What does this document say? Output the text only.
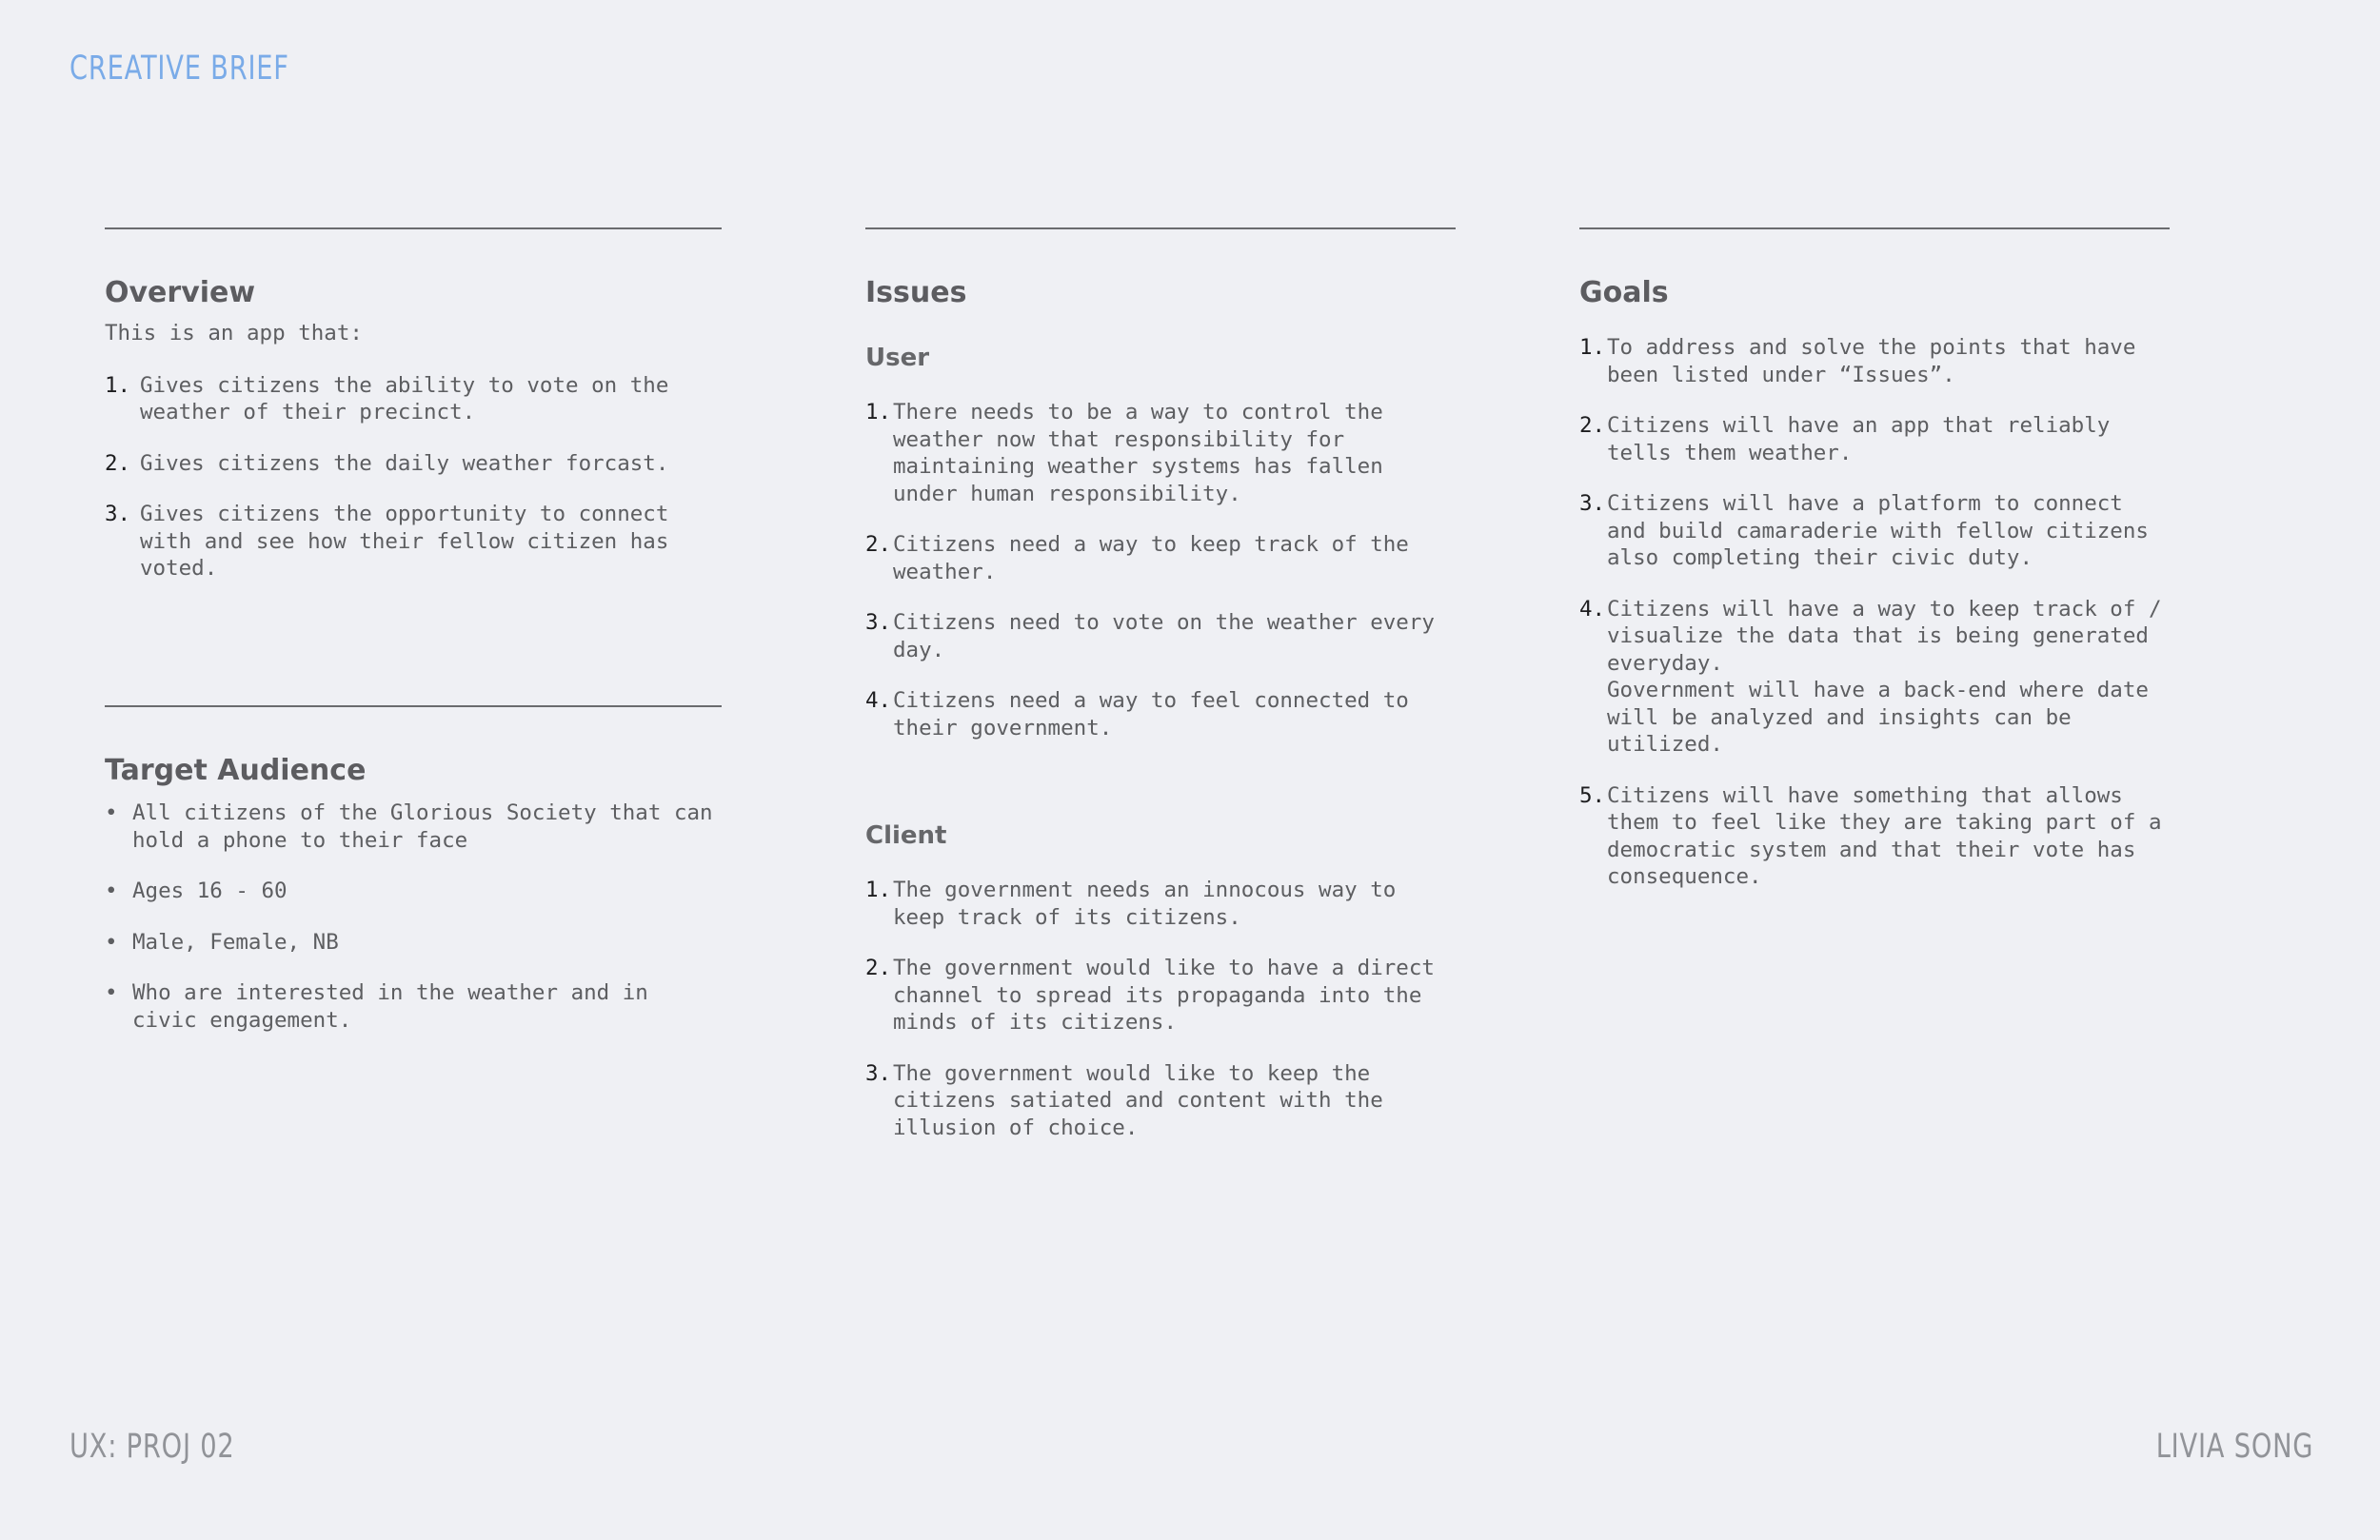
CREATIVE BRIEF
UX: PROJ 02	LIVIA SONG
Overview
This is an app that:
1. Gives citizens the ability to vote on the weather of their precinct.
2. Gives citizens the daily weather forcast.
3. Gives citizens the opportunity to connect with and see how their fellow citizen has voted.
Target Audience
• All citizens of the Glorious Society that can hold a phone to their face
• Ages 16 - 60
• Male, Female, NB
• Who are interested in the weather and in civic engagement.
Issues
User
1. There needs to be a way to control the weather now that responsibility for maintaining weather systems has fallen under human responsibility.
2. Citizens need a way to keep track of the weather.
3. Citizens need to vote on the weather every day.
4. Citizens need a way to feel connected to their government.
Client
1. The government needs an innocous way to keep track of its citizens.
2. The government would like to have a direct channel to spread its propaganda into the minds of its citizens.
3. The government would like to keep the citizens satiated and content with the illusion of choice.
Goals
1. To address and solve the points that have been listed under “Issues”.
2. Citizens will have an app that reliably tells them weather.
3. Citizens will have a platform to connect and build camaraderie with fellow citizens also completing their civic duty.
4. Citizens will have a way to keep track of / visualize the data that is being generated everyday.
Government will have a back-end where date will be analyzed and insights can be utilized.
5. Citizens will have something that allows them to feel like they are taking part of a democratic system and that their vote has consequence.
